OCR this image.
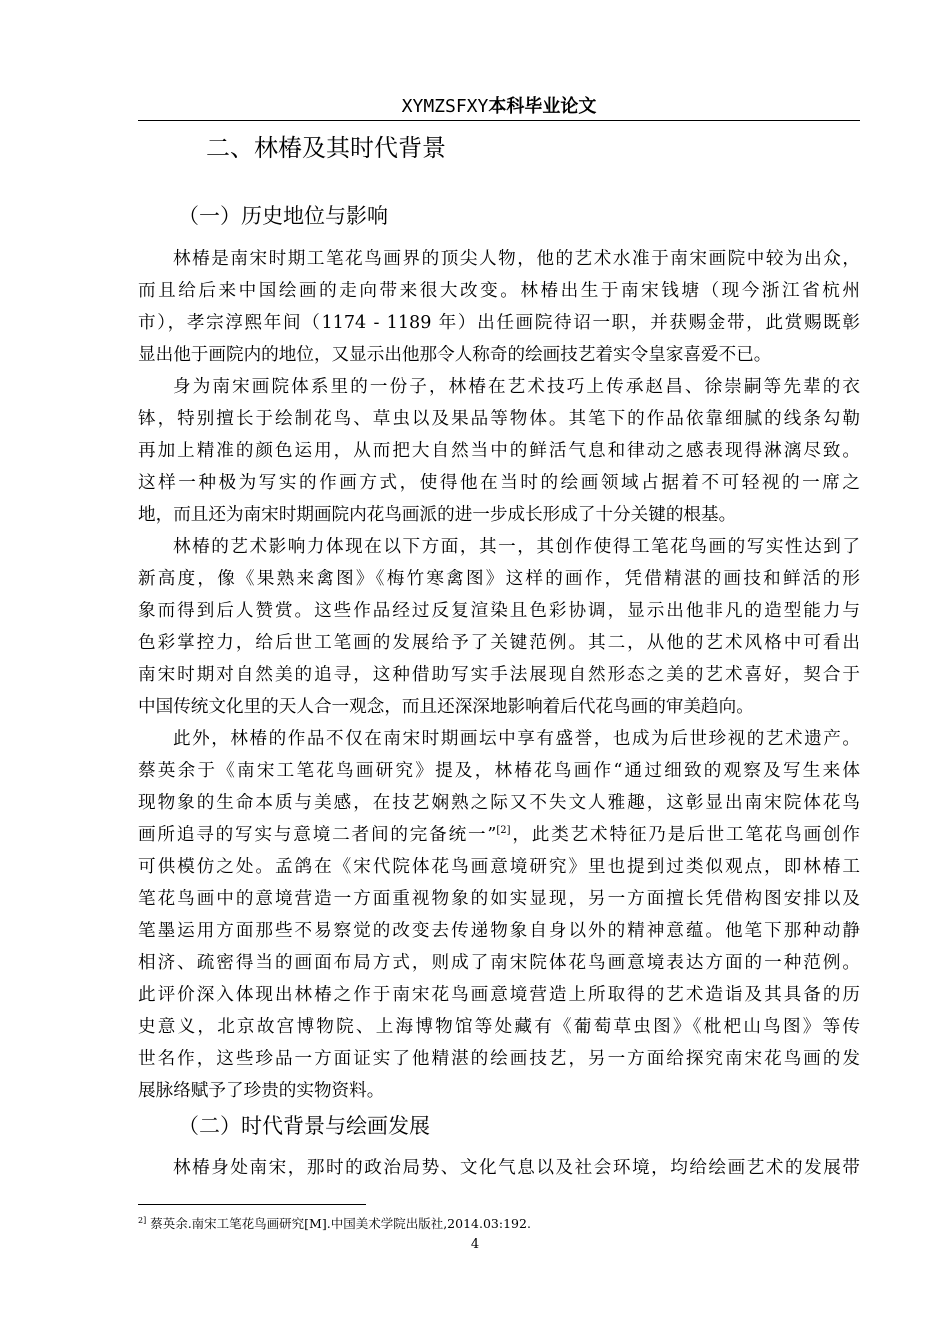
XYMZSFXY本科毕业论文
二、林椿及其时代背景
（一）历史地位与影响
林椿是南宋时期工笔花鸟画界的顶尖人物，他的艺术水准于南宋画院中较为出众，
而且给后来中国绘画的走向带来很大改变。林椿出生于南宋钱塘（现今浙江省杭州
市），孝宗淳熙年间（1174 - 1189 年）出任画院待诏一职，并获赐金带，此赏赐既彰
显出他于画院内的地位，又显示出他那令人称奇的绘画技艺着实令皇家喜爱不已。
身为南宋画院体系里的一份子，林椿在艺术技巧上传承赵昌、徐崇嗣等先辈的衣
钵，特别擅长于绘制花鸟、草虫以及果品等物体。其笔下的作品依靠细腻的线条勾勒
再加上精准的颜色运用，从而把大自然当中的鲜活气息和律动之感表现得淋漓尽致。
这样一种极为写实的作画方式，使得他在当时的绘画领域占据着不可轻视的一席之
地，而且还为南宋时期画院内花鸟画派的进一步成长形成了十分关键的根基。
林椿的艺术影响力体现在以下方面，其一，其创作使得工笔花鸟画的写实性达到了
新高度，像《果熟来禽图》《梅竹寒禽图》这样的画作，凭借精湛的画技和鲜活的形
象而得到后人赞赏。这些作品经过反复渲染且色彩协调，显示出他非凡的造型能力与
色彩掌控力，给后世工笔画的发展给予了关键范例。其二，从他的艺术风格中可看出
南宋时期对自然美的追寻，这种借助写实手法展现自然形态之美的艺术喜好，契合于
中国传统文化里的天人合一观念，而且还深深地影响着后代花鸟画的审美趋向。
此外，林椿的作品不仅在南宋时期画坛中享有盛誉，也成为后世珍视的艺术遗产。
蔡英余于《南宋工笔花鸟画研究》提及，林椿花鸟画作“通过细致的观察及写生来体
现物象的生命本质与美感，在技艺娴熟之际又不失文人雅趣，这彰显出南宋院体花鸟
画所追寻的写实与意境二者间的完备统一”[2]，此类艺术特征乃是后世工笔花鸟画创作
可供模仿之处。孟鸽在《宋代院体花鸟画意境研究》里也提到过类似观点，即林椿工
笔花鸟画中的意境营造一方面重视物象的如实显现，另一方面擅长凭借构图安排以及
笔墨运用方面那些不易察觉的改变去传递物象自身以外的精神意蕴。他笔下那种动静
相济、疏密得当的画面布局方式，则成了南宋院体花鸟画意境表达方面的一种范例。
此评价深入体现出林椿之作于南宋花鸟画意境营造上所取得的艺术造诣及其具备的历
史意义，北京故宫博物院、上海博物馆等处藏有《葡萄草虫图》《枇杷山鸟图》等传
世名作，这些珍品一方面证实了他精湛的绘画技艺，另一方面给探究南宋花鸟画的发
展脉络赋予了珍贵的实物资料。
（二）时代背景与绘画发展
林椿身处南宋，那时的政治局势、文化气息以及社会环境，均给绘画艺术的发展带
$^{2]}$ 蔡英余.南宋工笔花鸟画研究[M].中国美术学院出版社,2014.03:192.
4
